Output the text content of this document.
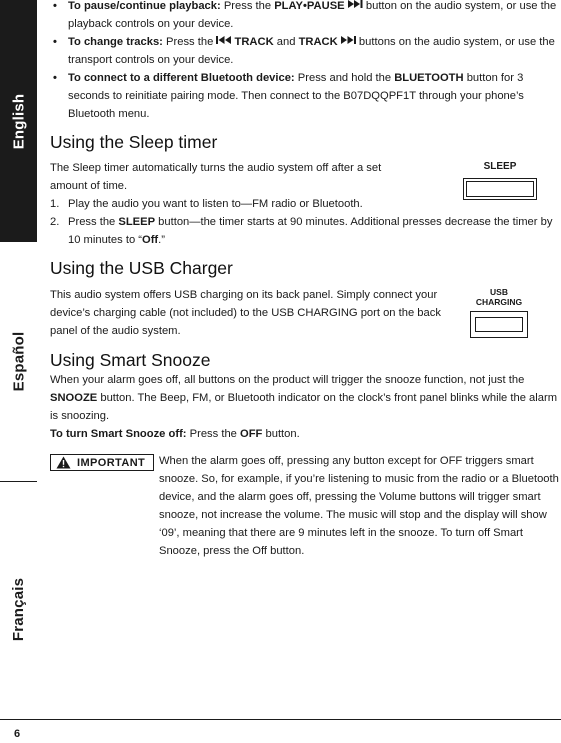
English
Español
Français
• To pause/continue playback: Press the PLAY•PAUSE  button on the audio system, or use the playback controls on your device.
• To change tracks: Press the  TRACK and TRACK  buttons on the audio system, or use the transport controls on your device.
• To connect to a different Bluetooth device: Press and hold the BLUETOOTH button for 3 seconds to reinitiate pairing mode. Then connect to the B07DQQPF1T through your phone’s Bluetooth menu.
Using the Sleep timer

The Sleep timer automatically turns the audio system off after a set amount of time.

1. Play the audio you want to listen to—FM radio or Bluetooth.
2. Press the SLEEP button—the timer starts at 90 minutes. Additional presses decrease the timer by 10 minutes to “Off.”
SLEEP
Using the USB Charger

This audio system offers USB charging on its back panel. Simply connect your device’s charging cable (not included) to the USB CHARGING port on the back panel of the audio system.

USB
CHARGING
Using Smart Snooze

When your alarm goes off, all buttons on the product will trigger the snooze function, not just the SNOOZE button. The Beep, FM, or Bluetooth indicator on the clock’s front panel blinks while the alarm is snoozing.

To turn Smart Snooze off: Press the OFF button.

IMPORTANT When the alarm goes off, pressing any button except for OFF triggers smart snooze. So, for example, if you’re listening to music from the radio or a Bluetooth device, and the alarm goes off, pressing the Volume buttons will trigger smart snooze, not increase the volume. The music will stop and the display will show ‘09’, meaning that there are 9 minutes left in the snooze. To turn off Smart Snooze, press the Off button.

6
